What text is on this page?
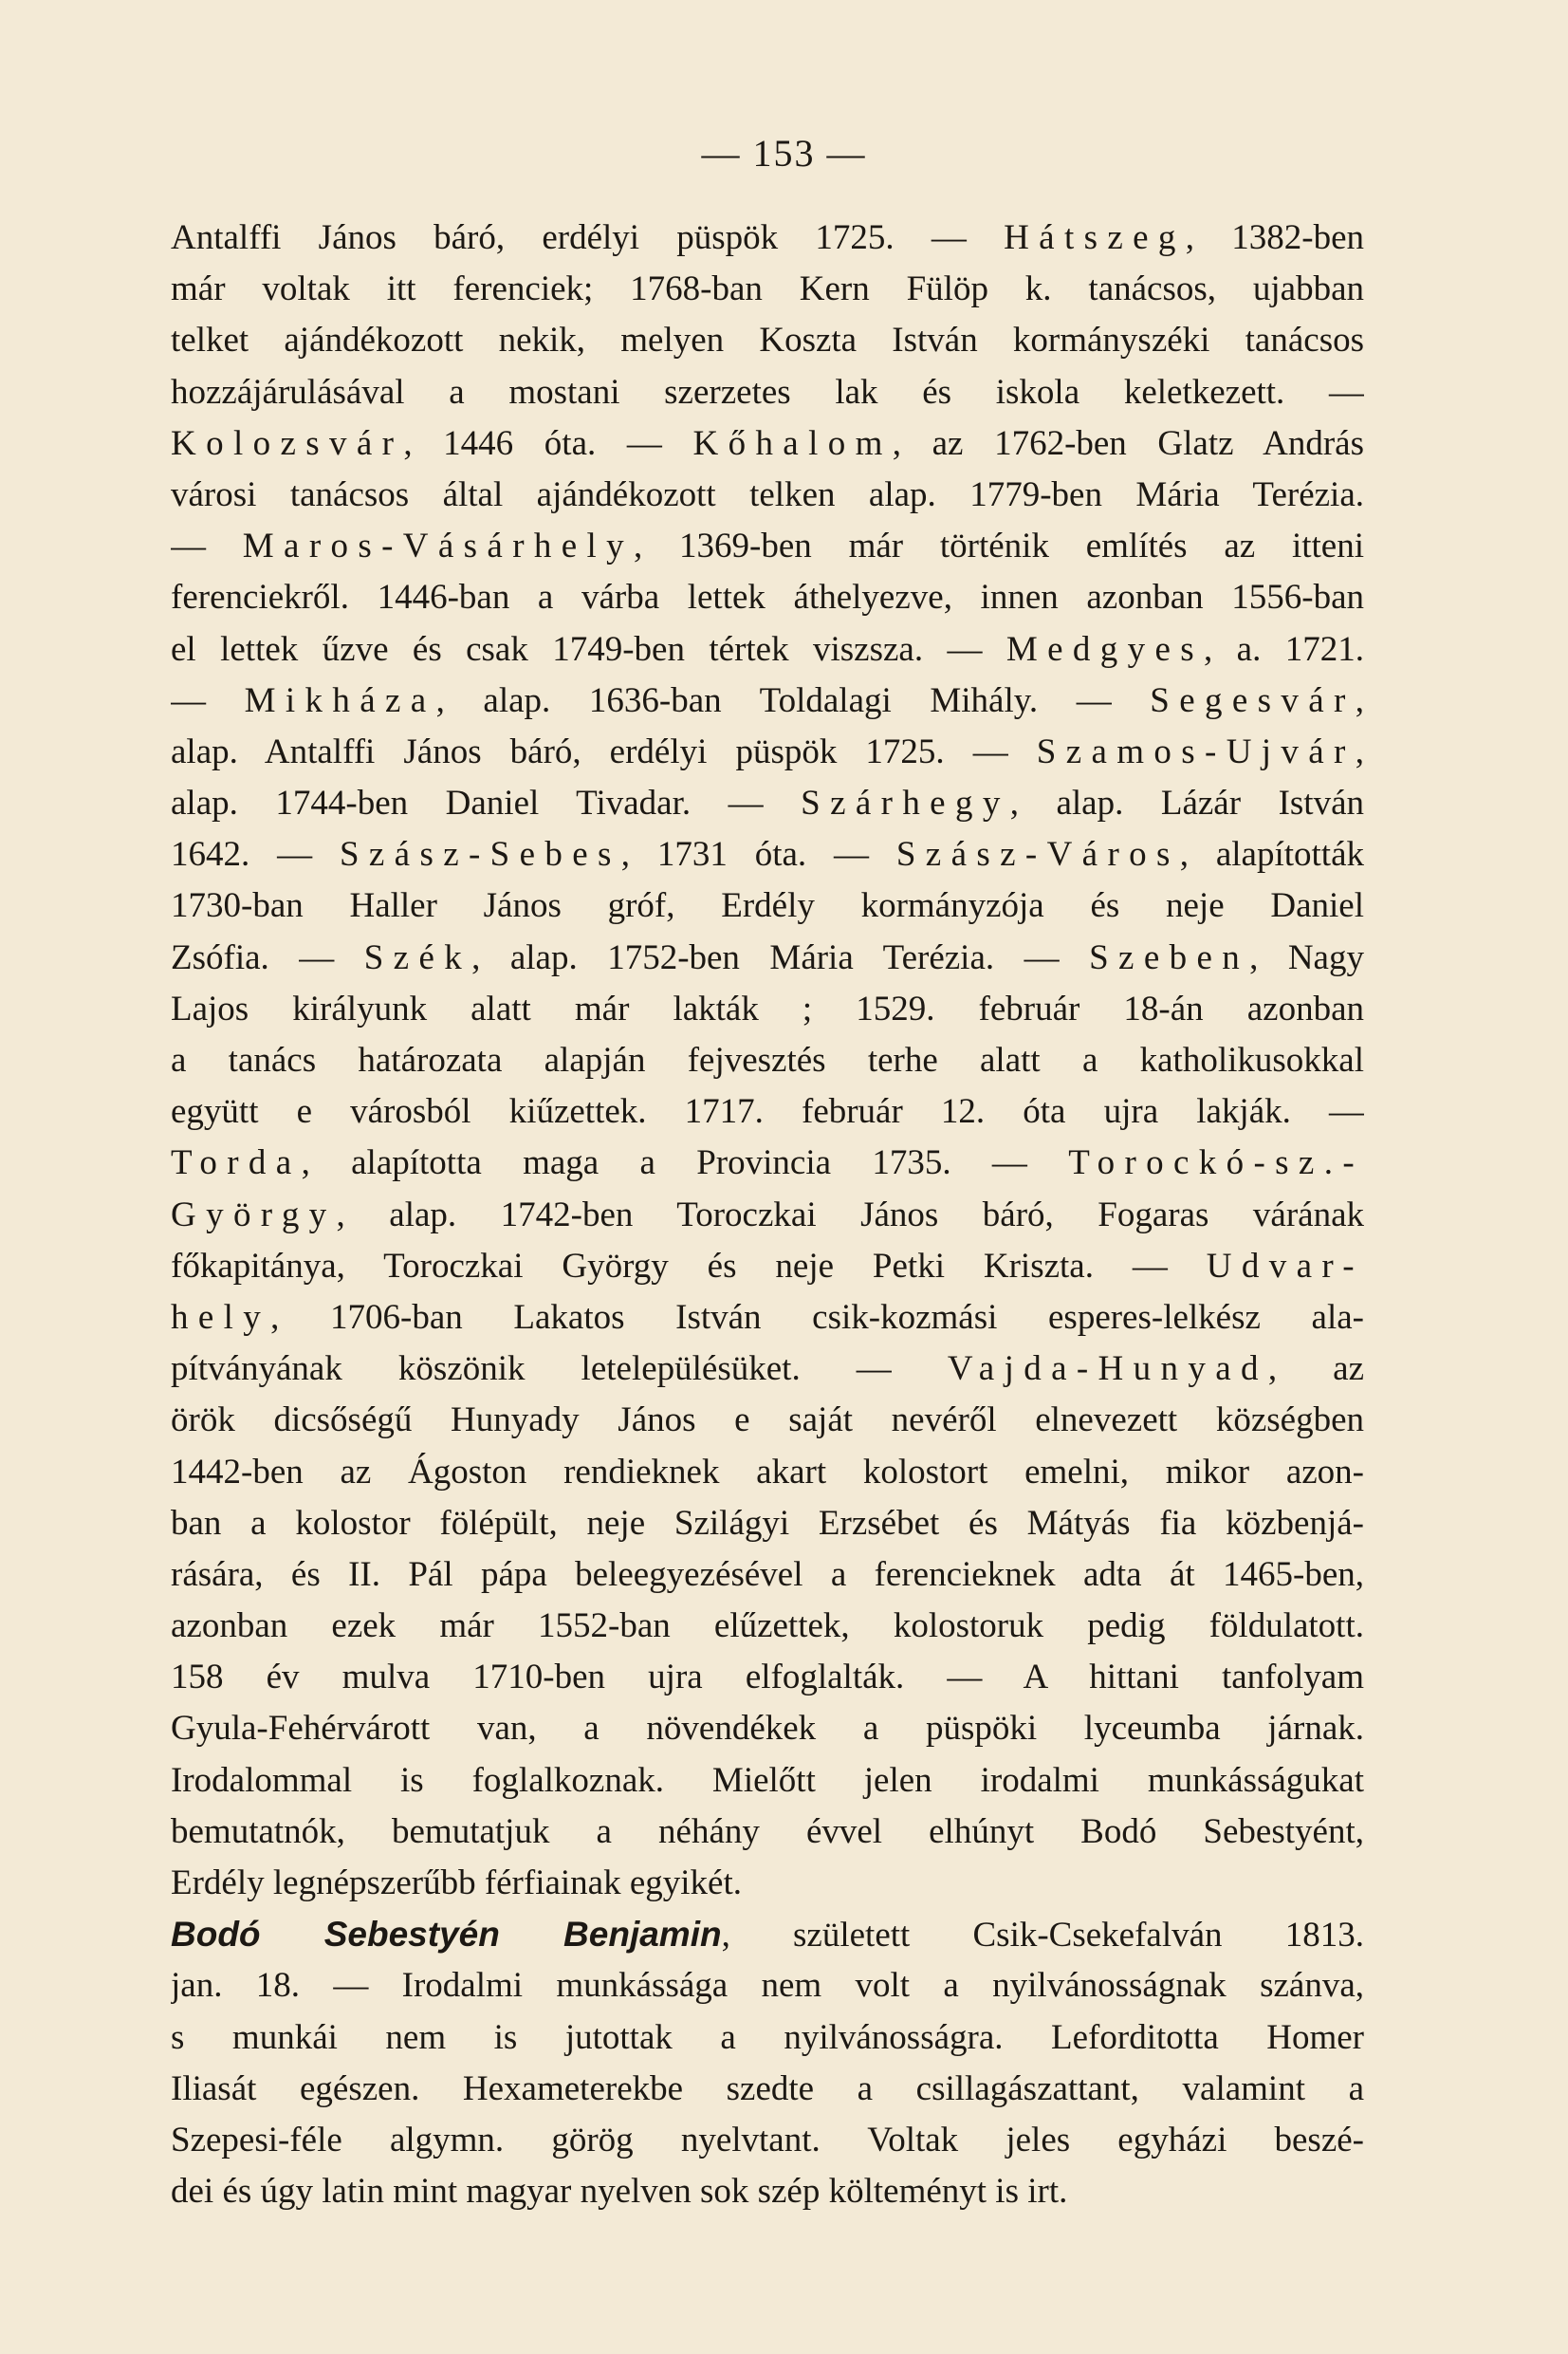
— 153 —
Antalffi János báró, erdélyi püspök 1725. — Hátszeg, 1382-ben
már voltak itt ferenciek; 1768-ban Kern Fülöp k. tanácsos, ujabban
telket ajándékozott nekik, melyen Koszta István kormányszéki tanácsos
hozzájárulásával a mostani szerzetes lak és iskola keletkezett. —
Kolozsvár, 1446 óta. — Kőhalom, az 1762-ben Glatz András
városi tanácsos által ajándékozott telken alap. 1779-ben Mária Terézia.
— Maros-Vásárhely, 1369-ben már történik említés az itteni
ferenciekről. 1446-ban a várba lettek áthelyezve, innen azonban 1556-ban
el lettek űzve és csak 1749-ben tértek viszsza. — Medgyes, a. 1721.
— Mikháza, alap. 1636-ban Toldalagi Mihály. — Segesvár,
alap. Antalffi János báró, erdélyi püspök 1725. — Szamos-Ujvár,
alap. 1744-ben Daniel Tivadar. — Szárhegy, alap. Lázár István
1642. — Szász-Sebes, 1731 óta. — Szász-Város, alapították
1730-ban Haller János gróf, Erdély kormányzója és neje Daniel
Zsófia. — Szék, alap. 1752-ben Mária Terézia. — Szeben, Nagy
Lajos királyunk alatt már lakták ; 1529. február 18-án azonban
a tanács határozata alapján fejvesztés terhe alatt a katholikusokkal
együtt e városból kiűzettek. 1717. február 12. óta ujra lakják. —
Torda, alapította maga a Provincia 1735. — Torockó-sz.-
György, alap. 1742-ben Toroczkai János báró, Fogaras várának
főkapitánya, Toroczkai György és neje Petki Kriszta. — Udvar-
hely, 1706-ban Lakatos István csik-kozmási esperes-lelkész ala-
pítványának köszönik letelepülésüket. — Vajda-Hunyad, az
örök dicsőségű Hunyady János e saját nevéről elnevezett községben
1442-ben az Ágoston rendieknek akart kolostort emelni, mikor azon-
ban a kolostor fölépült, neje Szilágyi Erzsébet és Mátyás fia közbenjá-
rására, és II. Pál pápa beleegyezésével a ferencieknek adta át 1465-ben,
azonban ezek már 1552-ban elűzettek, kolostoruk pedig földulatott.
158 év mulva 1710-ben ujra elfoglalták. — A hittani tanfolyam
Gyula-Fehérvárott van, a növendékek a püspöki lyceumba járnak.
Irodalommal is foglalkoznak. Mielőtt jelen irodalmi munkásságukat
bemutatnók, bemutatjuk a néhány évvel elhúnyt Bodó Sebestyént,
Erdély legnépszerűbb férfiainak egyikét.
Bodó Sebestyén Benjamin, született Csik-Csekefalván 1813.
jan. 18. — Irodalmi munkássága nem volt a nyilvánosságnak szánva,
s munkái nem is jutottak a nyilvánosságra. Leforditotta Homer
Iliasát egészen. Hexameterekbe szedte a csillagászattant, valamint a
Szepesi-féle algymn. görög nyelvtant. Voltak jeles egyházi beszé-
dei és úgy latin mint magyar nyelven sok szép költeményt is irt.
